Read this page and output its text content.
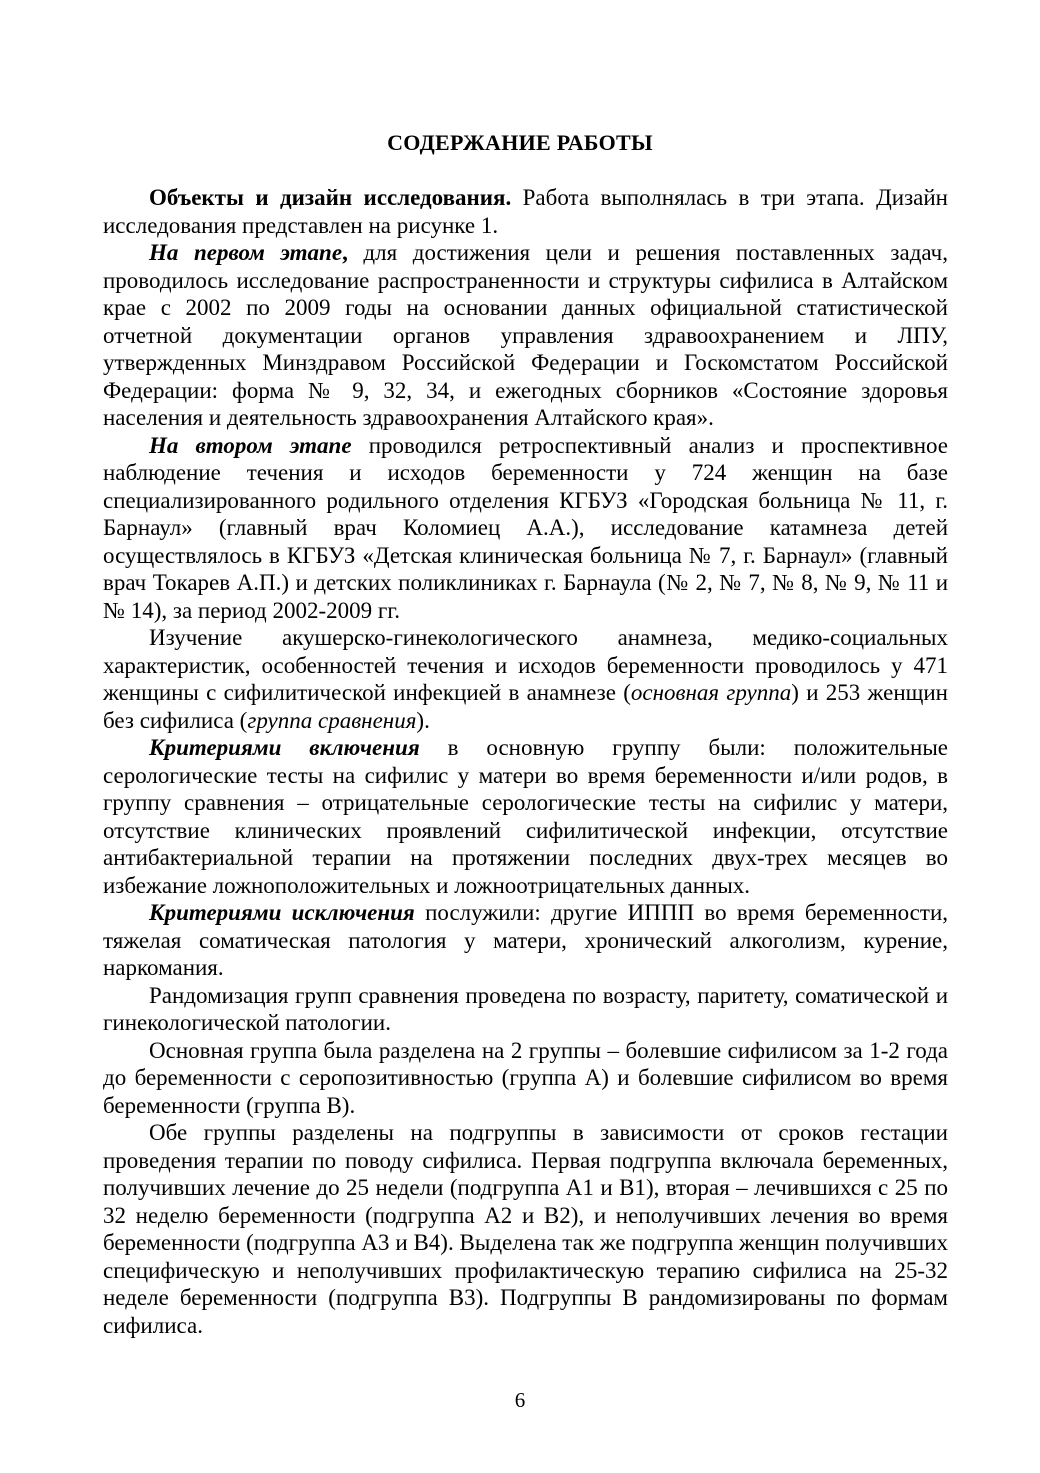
СОДЕРЖАНИЕ РАБОТЫ

Объекты и дизайн исследования. Работа выполнялась в три этапа. Дизайн исследования представлен на рисунке 1.

На первом этапе, для достижения цели и решения поставленных задач, проводилось исследование распространенности и структуры сифилиса в Алтайском крае с 2002 по 2009 годы на основании данных официальной статистической отчетной документации органов управления здравоохранением и ЛПУ, утвержденных Минздравом Российской Федерации и Госкомстатом Российской Федерации: форма № 9, 32, 34, и ежегодных сборников «Состояние здоровья населения и деятельность здравоохранения Алтайского края».

На втором этапе проводился ретроспективный анализ и проспективное наблюдение течения и исходов беременности у 724 женщин на базе специализированного родильного отделения КГБУЗ «Городская больница № 11, г. Барнаул» (главный врач Коломиец А.А.), исследование катамнеза детей осуществлялось в КГБУЗ «Детская клиническая больница № 7, г. Барнаул» (главный врач Токарев А.П.) и детских поликлиниках г. Барнаула (№ 2, № 7, № 8, № 9, № 11 и № 14), за период 2002-2009 гг.

Изучение акушерско-гинекологического анамнеза, медико-социальных характеристик, особенностей течения и исходов беременности проводилось у 471 женщины с сифилитической инфекцией в анамнезе (основная группа) и 253 женщин без сифилиса (группа сравнения).

Критериями включения в основную группу были: положительные серологические тесты на сифилис у матери во время беременности и/или родов, в группу сравнения – отрицательные серологические тесты на сифилис у матери, отсутствие клинических проявлений сифилитической инфекции, отсутствие антибактериальной терапии на протяжении последних двух-трех месяцев во избежание ложноположительных и ложноотрицательных данных.

Критериями исключения послужили: другие ИППП во время беременности, тяжелая соматическая патология у матери, хронический алкоголизм, курение, наркомания.

Рандомизация групп сравнения проведена по возрасту, паритету, соматической и гинекологической патологии.

Основная группа была разделена на 2 группы – болевшие сифилисом за 1-2 года до беременности с серопозитивностью (группа А) и болевшие сифилисом во время беременности (группа В).

Обе группы разделены на подгруппы в зависимости от сроков гестации проведения терапии по поводу сифилиса. Первая подгруппа включала беременных, получивших лечение до 25 недели (подгруппа А1 и В1), вторая – лечившихся с 25 по 32 неделю беременности (подгруппа А2 и В2), и неполучивших лечения во время беременности (подгруппа А3 и В4). Выделена так же подгруппа женщин получивших специфическую и неполучивших профилактическую терапию сифилиса на 25-32 неделе беременности (подгруппа В3). Подгруппы В рандомизированы по формам сифилиса.

6
